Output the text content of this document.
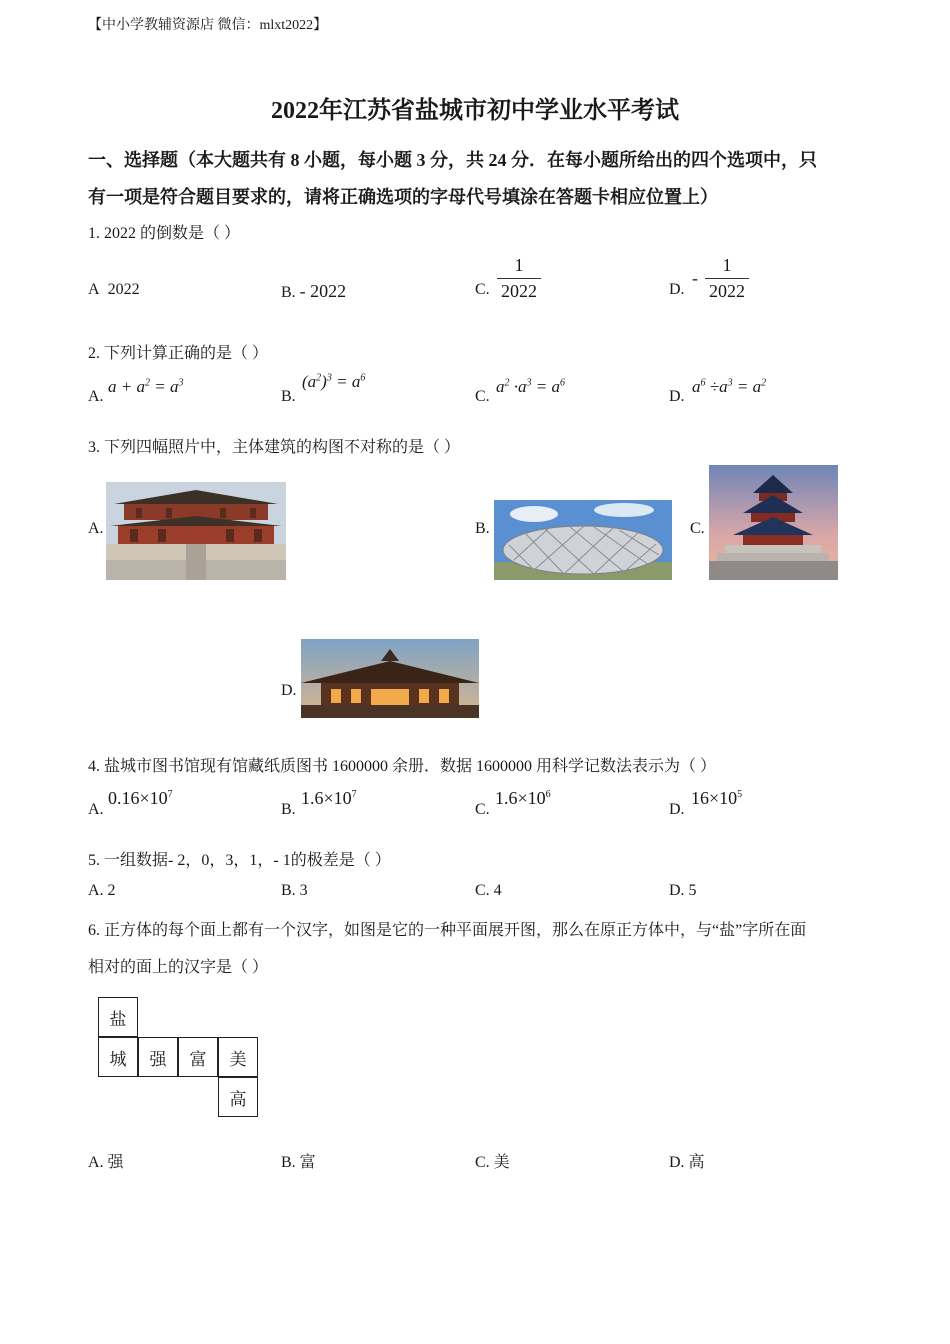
【中小学教辅资源店 微信：mlxt2022】
2022年江苏省盐城市初中学业水平考试
一、选择题（本大题共有 8 小题，每小题 3 分，共 24 分．在每小题所给出的四个选项中，只
有一项是符合题目要求的，请将正确选项的字母代号填涂在答题卡相应位置上）
1. 2022 的倒数是（ ）
A 2022	B. - 2022	C.
1
2022	D.
-
1
2022
2. 下列计算正确的是（ ）
A.
$a + a^2 = a^3$
B.
$(a^2)^3 = a^6$
C.
$a^2 \cdot a^3 = a^6$
D.
$a^6 \div a^3 = a^2$
3. 下列四幅照片中，主体建筑的构图不对称的是（ ）
A.	B.	C.
D.
4. 盐城市图书馆现有馆藏纸质图书 1600000 余册．数据 1600000 用科学记数法表示为（ ）
A.
$0.16\times 10^7$
B.
$1.6\times 10^7$
C.
$1.6\times 10^6$
D.
$16\times 10^5$
5. 一组数据- 2，0，3，1，- 1的极差是（ ）
A. 2	B. 3	C. 4	D. 5
6. 正方体的每个面上都有一个汉字，如图是它的一种平面展开图，那么在原正方体中，与“盐”字所在面
相对的面上的汉字是（ ）
盐
城	强	富	美
高
A. 强	B. 富	C. 美	D. 高
